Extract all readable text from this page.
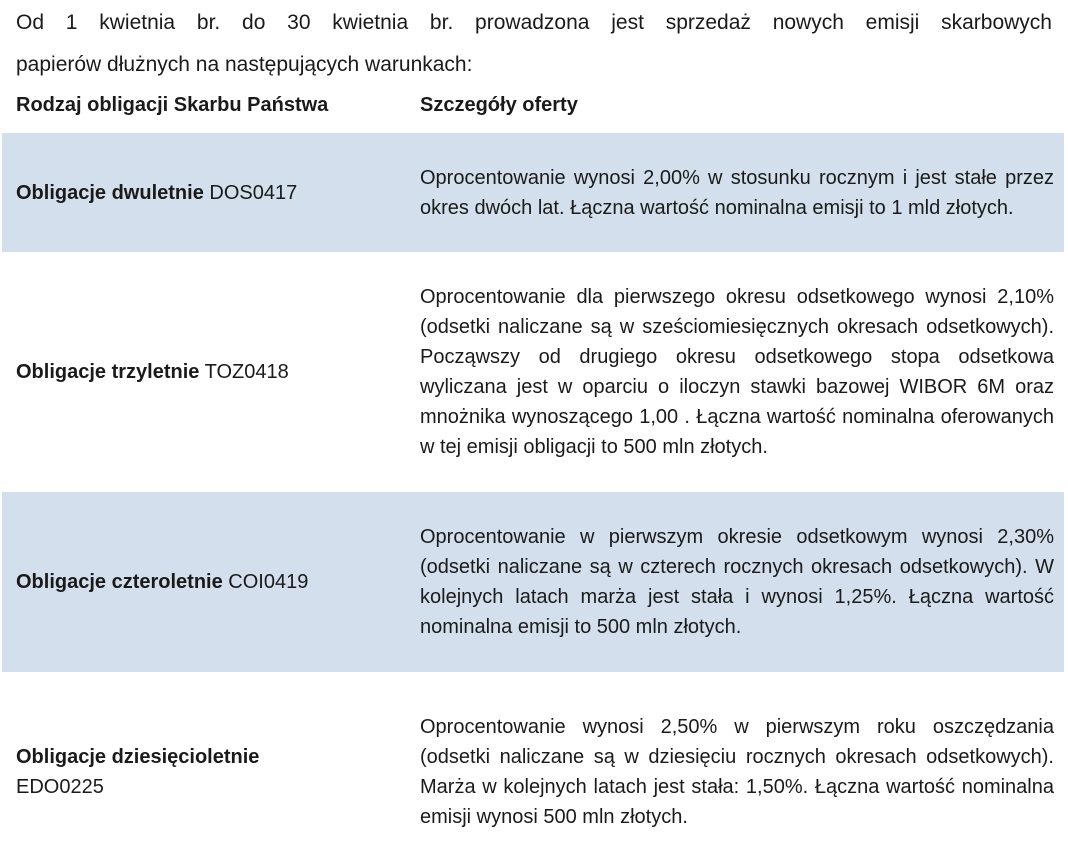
Od 1 kwietnia br. do 30 kwietnia br. prowadzona jest sprzedaż nowych emisji skarbowych
papierów dłużnych na następujących warunkach:
Rodzaj obligacji Skarbu Państwa	Szczegóły oferty
Obligacje dwuletnie DOS0417
Oprocentowanie wynosi 2,00% w stosunku rocznym i jest stałe przez okres dwóch lat. Łączna wartość nominalna emisji to 1 mld złotych.
Obligacje trzyletnie TOZ0418
Oprocentowanie dla pierwszego okresu odsetkowego wynosi 2,10% (odsetki naliczane są w sześciomiesięcznych okresach odsetkowych). Począwszy od drugiego okresu odsetkowego stopa odsetkowa wyliczana jest w oparciu o iloczyn stawki bazowej WIBOR 6M oraz mnożnika wynoszącego 1,00 . Łączna wartość nominalna oferowanych w tej emisji obligacji to 500 mln złotych.
Obligacje czteroletnie COI0419
Oprocentowanie w pierwszym okresie odsetkowym wynosi 2,30% (odsetki naliczane są w czterech rocznych okresach odsetkowych). W kolejnych latach marża jest stała i wynosi 1,25%. Łączna wartość nominalna emisji to 500 mln złotych.
Obligacje dziesięcioletnie
EDO0225
Oprocentowanie wynosi 2,50% w pierwszym roku oszczędzania (odsetki naliczane są w dziesięciu rocznych okresach odsetkowych). Marża w kolejnych latach jest stała: 1,50%. Łączna wartość nominalna emisji wynosi 500 mln złotych.
